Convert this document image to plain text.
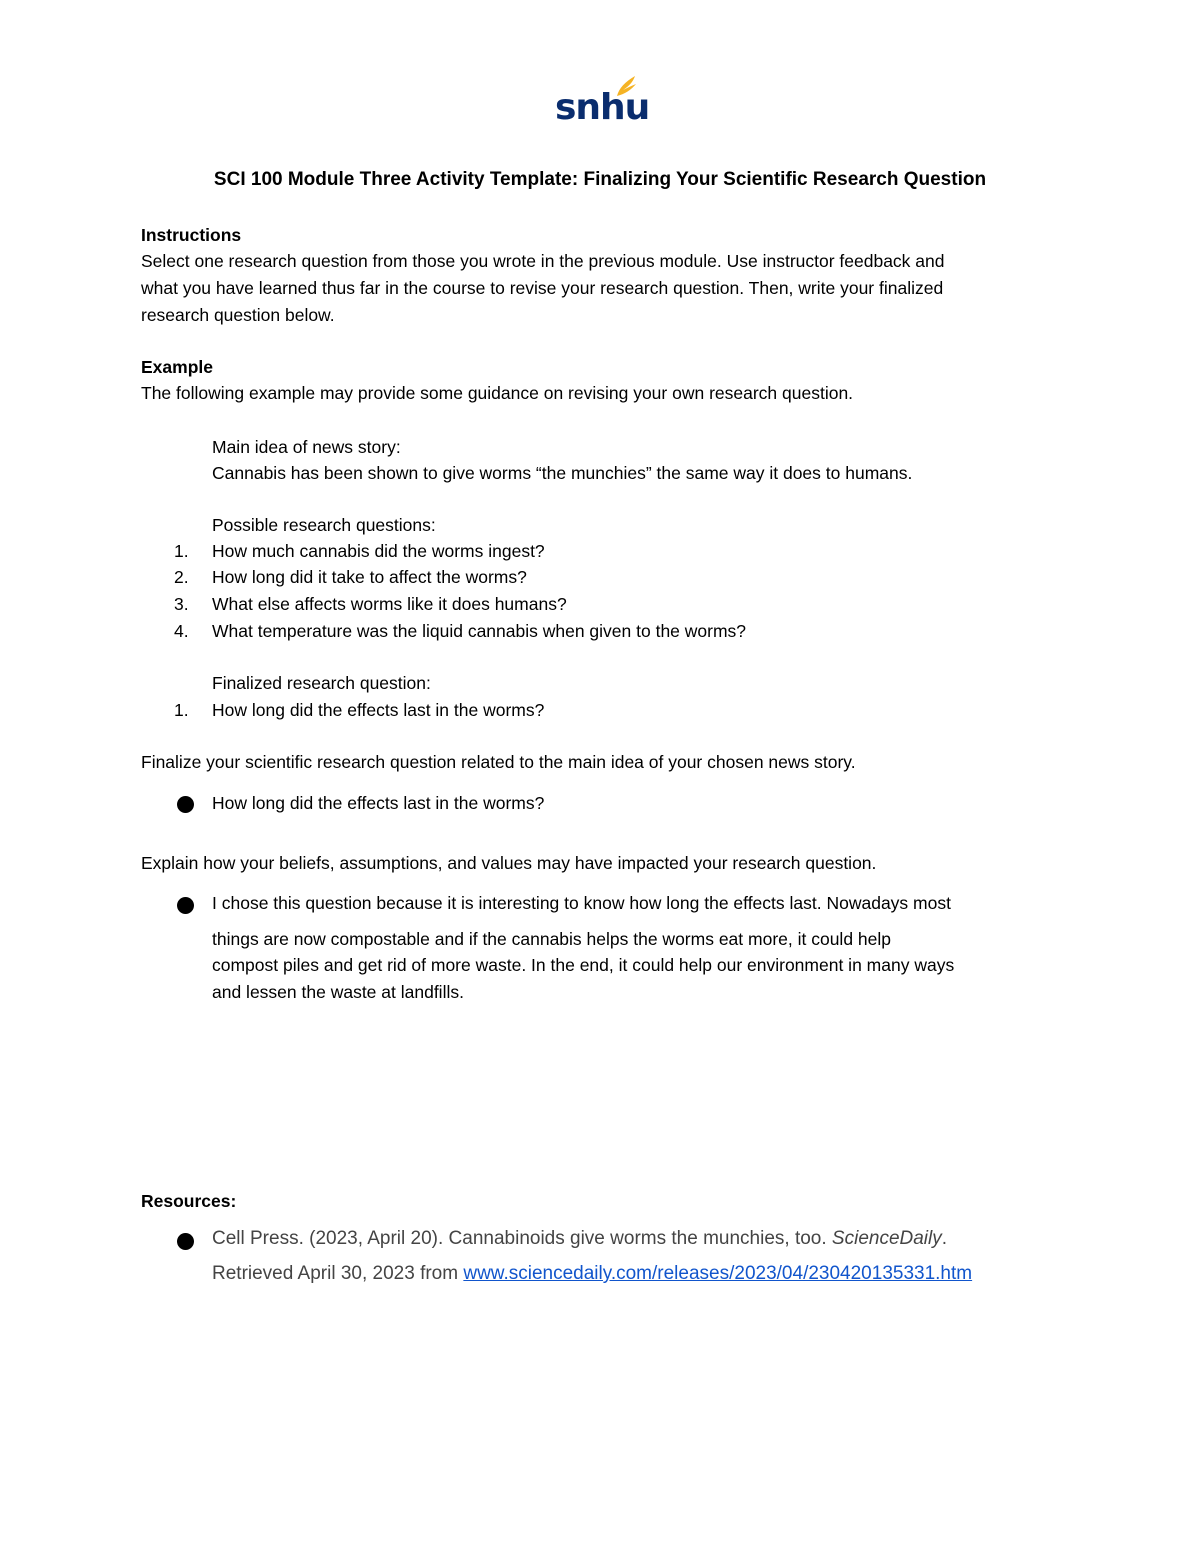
snhu
SCI 100 Module Three Activity Template: Finalizing Your Scientific Research Question
Instructions
Select one research question from those you wrote in the previous module. Use instructor feedback and
what you have learned thus far in the course to revise your research question. Then, write your finalized
research question below.
Example
The following example may provide some guidance on revising your own research question.
Main idea of news story:
Cannabis has been shown to give worms “the munchies” the same way it does to humans.
Possible research questions:
1.	How much cannabis did the worms ingest?
2.	How long did it take to affect the worms?
3.	What else affects worms like it does humans?
4.	What temperature was the liquid cannabis when given to the worms?
Finalized research question:
1.	How long did the effects last in the worms?
Finalize your scientific research question related to the main idea of your chosen news story.
How long did the effects last in the worms?
Explain how your beliefs, assumptions, and values may have impacted your research question.
I chose this question because it is interesting to know how long the effects last. Nowadays most
things are now compostable and if the cannabis helps the worms eat more, it could help
compost piles and get rid of more waste. In the end, it could help our environment in many ways
and lessen the waste at landfills.
Resources:
Cell Press. (2023, April 20). Cannabinoids give worms the munchies, too. ScienceDaily.
Retrieved April 30, 2023 from www.sciencedaily.com/releases/2023/04/230420135331.htm
